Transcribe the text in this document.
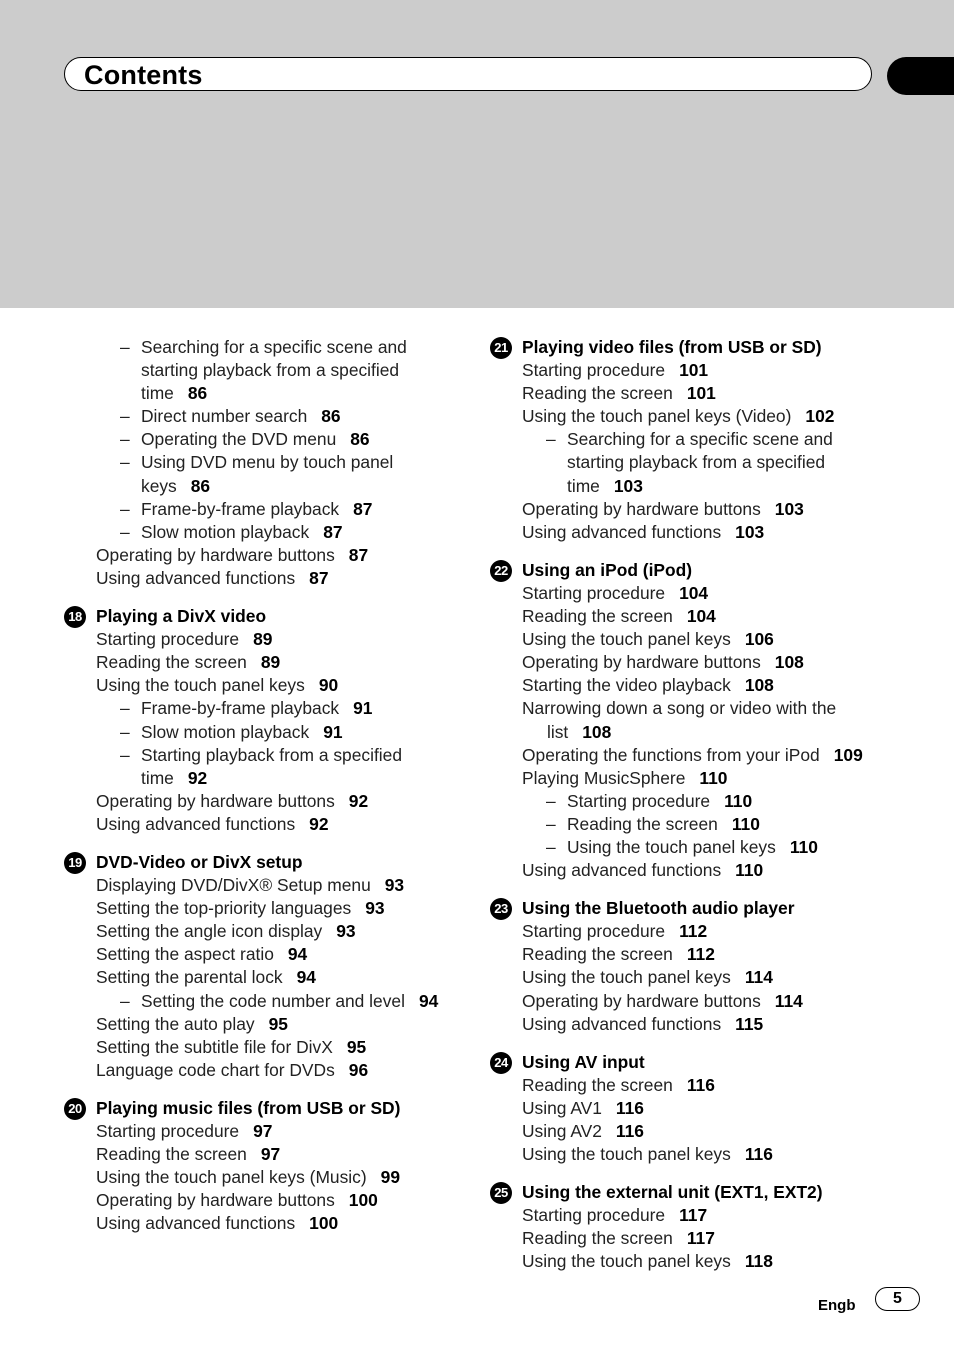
Contents
– Searching for a specific scene and
starting playback from a specified
time 86
– Direct number search 86
– Operating the DVD menu 86
– Using DVD menu by touch panel
keys 86
– Frame-by-frame playback 87
– Slow motion playback 87
Operating by hardware buttons 87
Using advanced functions 87
18 Playing a DivX video
Starting procedure 89
Reading the screen 89
Using the touch panel keys 90
– Frame-by-frame playback 91
– Slow motion playback 91
– Starting playback from a specified
time 92
Operating by hardware buttons 92
Using advanced functions 92
19 DVD-Video or DivX setup
Displaying DVD/DivX® Setup menu 93
Setting the top-priority languages 93
Setting the angle icon display 93
Setting the aspect ratio 94
Setting the parental lock 94
– Setting the code number and level 94
Setting the auto play 95
Setting the subtitle file for DivX 95
Language code chart for DVDs 96
20 Playing music files (from USB or SD)
Starting procedure 97
Reading the screen 97
Using the touch panel keys (Music) 99
Operating by hardware buttons 100
Using advanced functions 100
21 Playing video files (from USB or SD)
Starting procedure 101
Reading the screen 101
Using the touch panel keys (Video) 102
– Searching for a specific scene and
starting playback from a specified
time 103
Operating by hardware buttons 103
Using advanced functions 103
22 Using an iPod (iPod)
Starting procedure 104
Reading the screen 104
Using the touch panel keys 106
Operating by hardware buttons 108
Starting the video playback 108
Narrowing down a song or video with the
list 108
Operating the functions from your iPod 109
Playing MusicSphere 110
– Starting procedure 110
– Reading the screen 110
– Using the touch panel keys 110
Using advanced functions 110
23 Using the Bluetooth audio player
Starting procedure 112
Reading the screen 112
Using the touch panel keys 114
Operating by hardware buttons 114
Using advanced functions 115
24 Using AV input
Reading the screen 116
Using AV1 116
Using AV2 116
Using the touch panel keys 116
25 Using the external unit (EXT1, EXT2)
Starting procedure 117
Reading the screen 117
Using the touch panel keys 118
Engb	5
